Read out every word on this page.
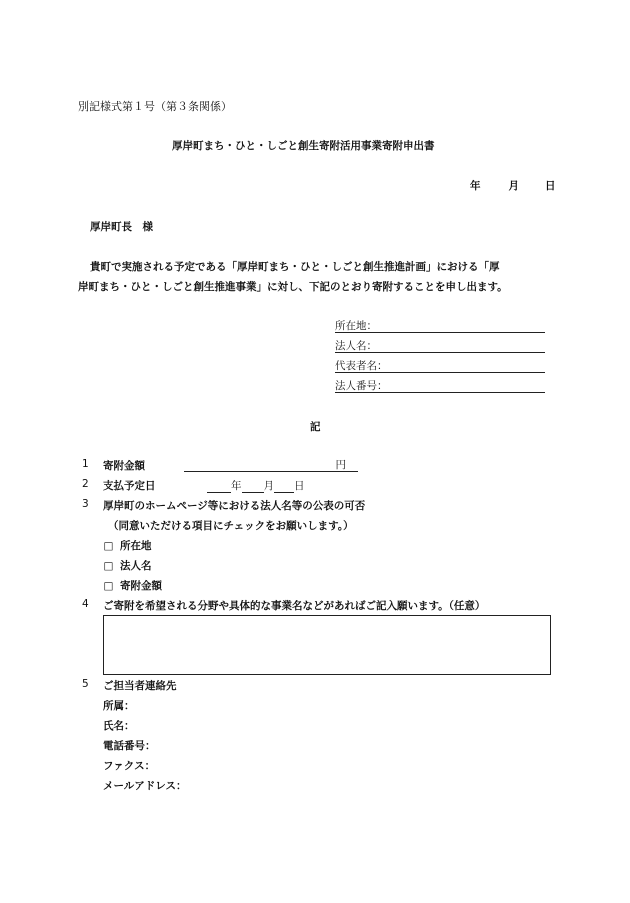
別記様式第１号（第３条関係）
厚岸町まち・ひと・しごと創生寄附活用事業寄附申出書
年	月 日
厚岸町長　様
貴町で実施される予定である「厚岸町まち・ひと・しごと創生推進計画」における「厚
岸町まち・ひと・しごと創生推進事業」に対し、下記のとおり寄附することを申し出ます。
所在地：
法人名：
代表者名：
法人番号：
記
1 寄附金額	円
2 支払予定日	年 月 日
3 厚岸町のホームページ等における法人名等の公表の可否
（同意いただける項目にチェックをお願いします。）
□ 所在地
□ 法人名
□ 寄附金額
4 ご寄附を希望される分野や具体的な事業名などがあればご記入願います。（任意）
5 ご担当者連絡先
所属：
氏名：
電話番号：
ファクス：
メールアドレス：
